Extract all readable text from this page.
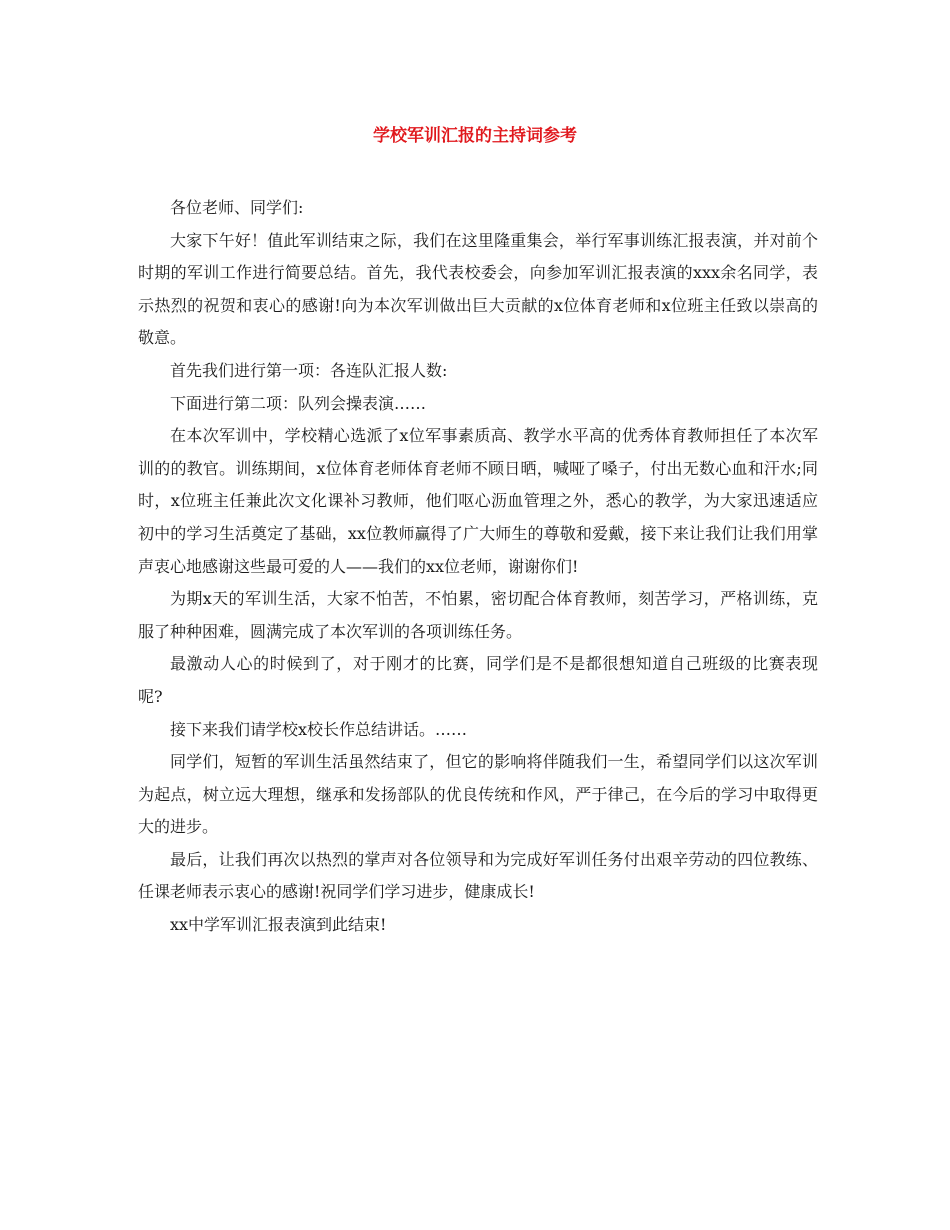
学校军训汇报的主持词参考

各位老师、同学们:

大家下午好！值此军训结束之际，我们在这里隆重集会，举行军事训练汇报表演，并对前个时期的军训工作进行简要总结。首先，我代表校委会，向参加军训汇报表演的xxx余名同学，表示热烈的祝贺和衷心的感谢!向为本次军训做出巨大贡献的x位体育老师和x位班主任致以崇高的敬意。

首先我们进行第一项：各连队汇报人数:

下面进行第二项：队列会操表演……

在本次军训中，学校精心选派了x位军事素质高、教学水平高的优秀体育教师担任了本次军训的的教官。训练期间，x位体育老师体育老师不顾日晒，喊哑了嗓子，付出无数心血和汗水;同时，x位班主任兼此次文化课补习教师，他们呕心沥血管理之外，悉心的教学，为大家迅速适应初中的学习生活奠定了基础，xx位教师赢得了广大师生的尊敬和爱戴，接下来让我们让我们用掌声衷心地感谢这些最可爱的人——我们的xx位老师，谢谢你们!

为期x天的军训生活，大家不怕苦，不怕累，密切配合体育教师，刻苦学习，严格训练，克服了种种困难，圆满完成了本次军训的各项训练任务。

最激动人心的时候到了，对于刚才的比赛，同学们是不是都很想知道自己班级的比赛表现呢?

接下来我们请学校x校长作总结讲话。……

同学们，短暂的军训生活虽然结束了，但它的影响将伴随我们一生，希望同学们以这次军训为起点，树立远大理想，继承和发扬部队的优良传统和作风，严于律己，在今后的学习中取得更大的进步。

最后，让我们再次以热烈的掌声对各位领导和为完成好军训任务付出艰辛劳动的四位教练、任课老师表示衷心的感谢!祝同学们学习进步，健康成长!

xx中学军训汇报表演到此结束!
